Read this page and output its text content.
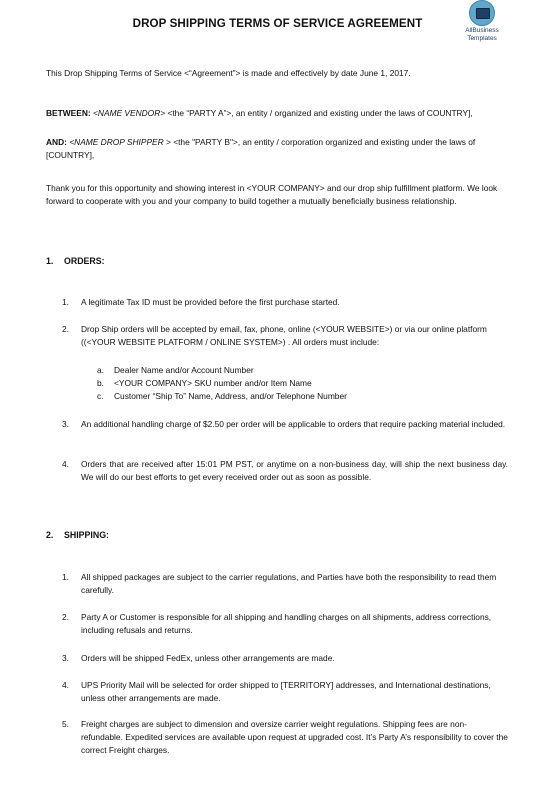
DROP SHIPPING TERMS OF SERVICE AGREEMENT
AllBusiness
Templates
This Drop Shipping Terms of Service <“Agreement”> is made and effectively by date June 1, 2017.
BETWEEN: <NAME VENDOR> <the “PARTY A”>, an entity / organized and existing under the laws of COUNTRY],
AND: <NAME DROP SHIPPER > <the "PARTY B">, an entity / corporation organized and existing under the laws of [COUNTRY],
Thank you for this opportunity and showing interest in <YOUR COMPANY> and our drop ship fulfillment platform. We look forward to cooperate with you and your company to build together a mutually beneficially business relationship.
1. ORDERS:
1. A legitimate Tax ID must be provided before the first purchase started.
2. Drop Ship orders will be accepted by email, fax, phone, online (<YOUR WEBSITE>) or via our online platform ((<YOUR WEBSITE PLATFORM / ONLINE SYSTEM>) . All orders must include:
a. Dealer Name and/or Account Number
b. <YOUR COMPANY> SKU number and/or Item Name
c. Customer “Ship To” Name, Address, and/or Telephone Number
3. An additional handling charge of $2.50 per order will be applicable to orders that require packing material included.
4. Orders that are received after 15:01 PM PST, or anytime on a non-business day, will ship the next business day. We will do our best efforts to get every received order out as soon as possible.
2. SHIPPING:
1. All shipped packages are subject to the carrier regulations, and Parties have both the responsibility to read them carefully.
2. Party A or Customer is responsible for all shipping and handling charges on all shipments, address corrections, including refusals and returns.
3. Orders will be shipped FedEx, unless other arrangements are made.
4. UPS Priority Mail will be selected for order shipped to [TERRITORY] addresses, and International destinations, unless other arrangements are made.
5. Freight charges are subject to dimension and oversize carrier weight regulations. Shipping fees are non-refundable. Expedited services are available upon request at upgraded cost. It’s Party A’s responsibility to cover the correct Freight charges.
